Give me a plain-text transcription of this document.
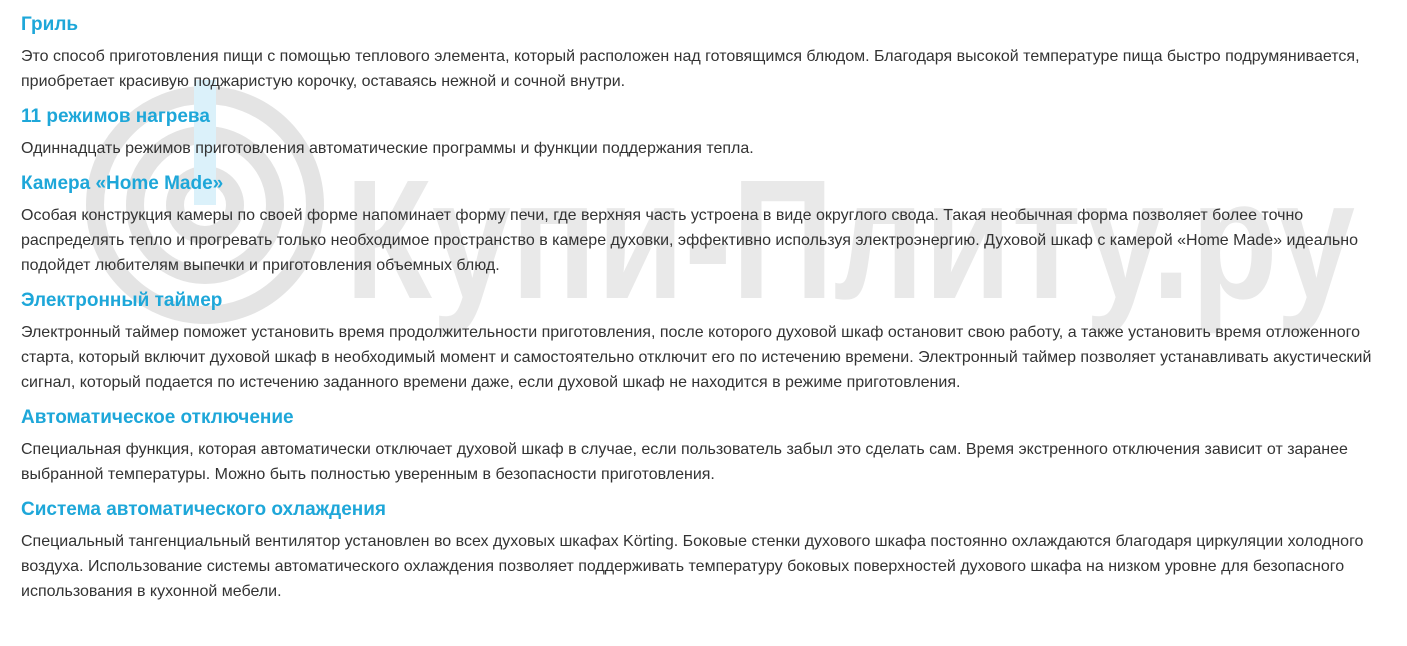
Купи-Плиту.ру
Гриль

Это способ приготовления пищи с помощью теплового элемента, который расположен над готовящимся блюдом. Благодаря высокой температуре пища быстро подрумянивается, приобретает красивую поджаристую корочку, оставаясь нежной и сочной внутри.

11 режимов нагрева

Одиннадцать режимов приготовления автоматические программы и функции поддержания тепла.

Камера «Home Made»

Особая конструкция камеры по своей форме напоминает форму печи, где верхняя часть устроена в виде округлого свода. Такая необычная форма позволяет более точно распределять тепло и прогревать только необходимое пространство в камере духовки, эффективно используя электроэнергию. Духовой шкаф с камерой «Home Made» идеально подойдет любителям выпечки и приготовления объемных блюд.

Электронный таймер

Электронный таймер поможет установить время продолжительности приготовления, после которого духовой шкаф остановит свою работу, а также установить время отложенного старта, который включит духовой шкаф в необходимый момент и самостоятельно отключит его по истечению времени. Электронный таймер позволяет устанавливать акустический сигнал, который подается по истечению заданного времени даже, если духовой шкаф не находится в режиме приготовления.

Автоматическое отключение

Специальная функция, которая автоматически отключает духовой шкаф в случае, если пользователь забыл это сделать сам. Время экстренного отключения зависит от заранее выбранной температуры. Можно быть полностью уверенным в безопасности приготовления.

Система автоматического охлаждения

Специальный тангенциальный вентилятор установлен во всех духовых шкафах Körting. Боковые стенки духового шкафа постоянно охлаждаются благодаря циркуляции холодного воздуха. Использование системы автоматического охлаждения позволяет поддерживать температуру боковых поверхностей духового шкафа на низком уровне для безопасного использования в кухонной мебели.
